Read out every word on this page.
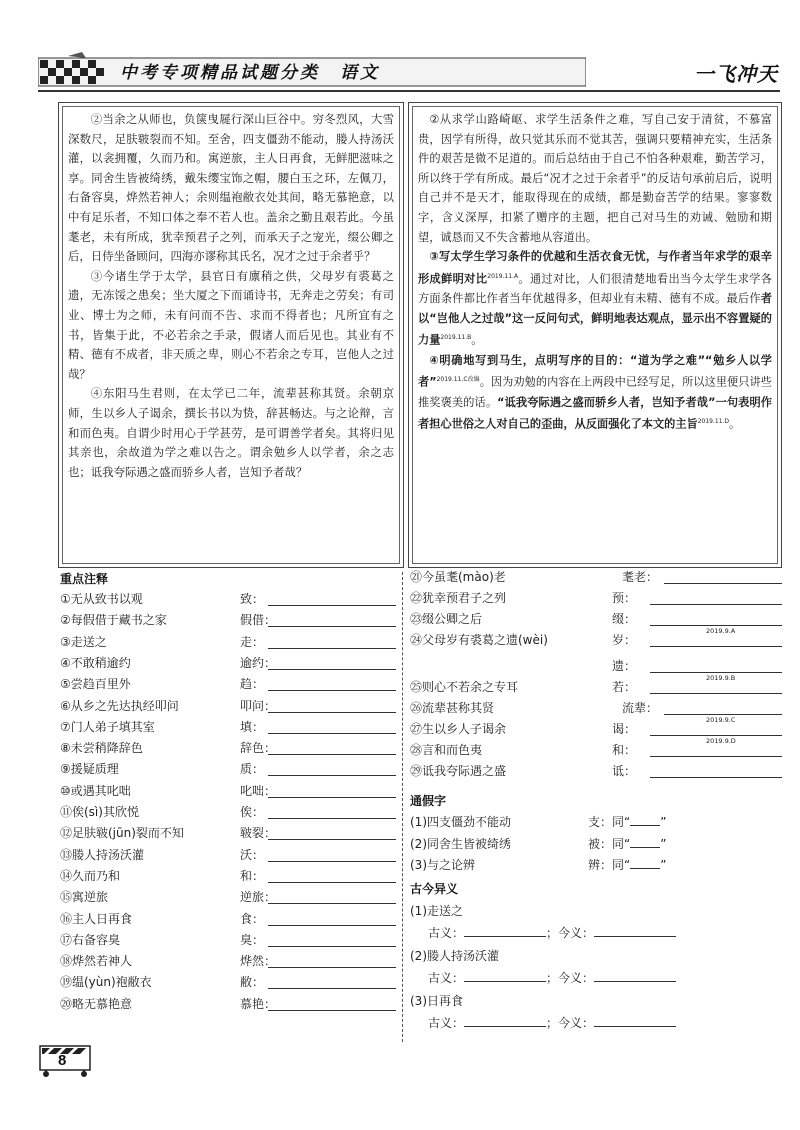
中考专项精品试题分类　语文	一飞冲天

②当余之从师也，负箧曳屣行深山巨谷中。穷冬烈风，大雪深数尺，足肤皲裂而不知。至舍，四支僵劲不能动，媵人持汤沃灌，以衾拥覆，久而乃和。寓逆旅，主人日再食，无鲜肥滋味之享。同舍生皆被绮绣，戴朱缨宝饰之帽，腰白玉之环，左佩刀，右备容臭，烨然若神人；余则缊袍敝衣处其间，略无慕艳意，以中有足乐者，不知口体之奉不若人也。盖余之勤且艰若此。今虽耄老，未有所成，犹幸预君子之列，而承天子之宠光，缀公卿之后，日侍坐备顾问，四海亦谬称其氏名，况才之过于余者乎？

③今诸生学于太学，县官日有廪稍之供，父母岁有裘葛之遗，无冻馁之患矣；坐大厦之下而诵诗书，无奔走之劳矣；有司业、博士为之师，未有问而不告、求而不得者也；凡所宜有之书，皆集于此，不必若余之手录，假诸人而后见也。其业有不精、德有不成者，非天质之卑，则心不若余之专耳，岂他人之过哉？

④东阳马生君则，在太学已二年，流辈甚称其贤。余朝京师，生以乡人子谒余，撰长书以为贽，辞甚畅达。与之论辩，言和而色夷。自谓少时用心于学甚劳，是可谓善学者矣。其将归见其亲也，余故道为学之难以告之。谓余勉乡人以学者，余之志也；诋我夸际遇之盛而骄乡人者，岂知予者哉？

②从求学山路崎岖、求学生活条件之难，写自己安于清贫，不慕富贵，因学有所得，故只觉其乐而不觉其苦，强调只要精神充实，生活条件的艰苦是微不足道的。而后总结由于自己不怕各种艰难，勤苦学习，所以终于学有所成。最后“况才之过于余者乎”的反诘句承前启后，说明自己并不是天才，能取得现在的成绩，都是勤奋苦学的结果。寥寥数字，含义深厚，扣紧了赠序的主题，把自己对马生的劝诫、勉励和期望，诚恳而又不失含蓄地从容道出。

③写太学生学习条件的优越和生活衣食无忧，与作者当年求学的艰辛形成鲜明对比$^{2019.11.A}$。通过对比，人们很清楚地看出当今太学生求学各方面条件都比作者当年优越得多，但却业有未精、德有不成。最后作者以“岂他人之过哉”这一反问句式，鲜明地表达观点，显示出不容置疑的力量$^{2019.11.B}$。

④明确地写到马生，点明写序的目的：“道为学之难”“勉乡人以学者”$^{2019.11.C改编}$。因为劝勉的内容在上两段中已经写足，所以这里便只讲些推奖褒美的话。“诋我夸际遇之盛而骄乡人者，岂知予者哉”一句表明作者担心世俗之人对自己的歪曲，从反面强化了本文的主旨$^{2019.11.D}$。

重点注释
①无从致书以观	致：
②每假借于藏书之家	假借：
③走送之	走：
④不敢稍逾约	逾约：
⑤尝趋百里外	趋：
⑥从乡之先达执经叩问	叩问：
⑦门人弟子填其室	填：
⑧未尝稍降辞色	辞色：
⑨援疑质理	质：
⑩或遇其叱咄	叱咄：
⑪俟(sì)其欣悦	俟：
⑫足肤皲(jūn)裂而不知	皲裂：
⑬媵人持汤沃灌	沃：
⑭久而乃和	和：
⑮寓逆旅	逆旅：
⑯主人日再食	食：
⑰右备容臭	臭：
⑱烨然若神人	烨然：
⑲缊(yùn)袍敝衣	敝：
⑳略无慕艳意	慕艳：
㉑今虽耄(mào)老	耄老：
㉒犹幸预君子之列	预：
㉓缀公卿之后	缀：
㉔父母岁有裘葛之遗(wèi)	岁：
2019.9.A
遗：
㉕则心不若余之专耳	若：
2019.9.B
㉖流辈甚称其贤	流辈：
㉗生以乡人子谒余	谒：
2019.9.C
㉘言和而色夷	和：
2019.9.D
㉙诋我夸际遇之盛	诋：
通假字
(1)四支僵劲不能动	支：同“	”
(2)同舍生皆被绮绣	被：同“	”
(3)与之论辨	辨：同“	”
古今异义
(1)走送之
古义：	；今义：
(2)媵人持汤沃灌
古义：	；今义：
(3)日再食
古义：	；今义：
8
